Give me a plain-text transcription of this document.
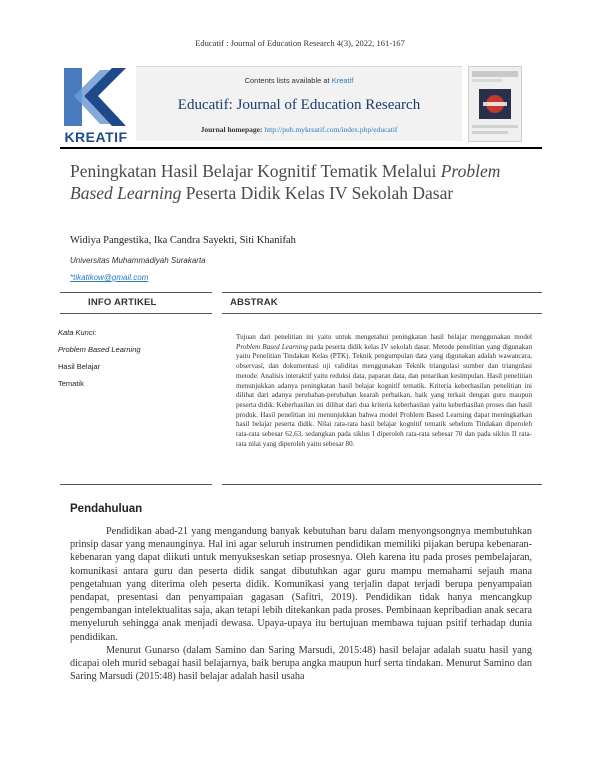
Educatif : Journal of Education Research 4(3), 2022, 161-167
KREATIF
Contents lists available at Kreatif
Educatif: Journal of Education Research
Journal homepage: http://pub.mykreatif.com/index.php/educatif
Peningkatan Hasil Belajar Kognitif Tematik Melalui Problem Based Learning Peserta Didik Kelas IV Sekolah Dasar
Widiya Pangestika, Ika Candra Sayekti, Siti Khanifah
Universitas Muhammadiyah Surakarta
*tikatikow@gmail.com
INFO ARTIKEL	ABSTRAK
Kata Kunci:
Problem Based Learning
Hasil Belajar
Tematik
Tujuan dari penelitian ini yaitu untuk mengetahui peningkatan hasil belajar menggunakan model Problem Based Learning pada peserta didik kelas IV sekolah dasar. Metode penelitian yang digunakan yaitu Penelitian Tindakan Kelas (PTK). Teknik pengumpulan data yang digunakan adalah wawancara, observasi, dan dokumentasi uji validitas menggunakan Teknik triangulasi sumber dan triangulasi metode. Analisis interaktif yaitu reduksi data, paparan data, dan penarikan kesimpulan. Hasil penelitian menunjukkan adanya peningkatan hasil belajar kognitif tematik. Kriteria keberhasilan penelitian ini dilihat dari adanya perubahan-perubahan kearah perbaikan, baik yang terkait dengan guru maupun peserta didik. Keberhasilan ini dilihat dari dua kriteria keberhasilan yaitu keberhasilan proses dan hasil produk. Hasil penelitian ini menunjukkan bahwa model Problem Based Learning dapat meningkatkan hasil belajar peserta didik. Nilai rata-rata hasil belajar kognitif tematik sebelum Tindakan diperoleh rata-rata sebesar 62,63, sedangkan pada siklus I diperoleh rata-rata sebesar 70 dan pada siklus II rata-rata nilai yang diperoleh yaitu sebesar 80.
Pendahuluan

Pendidikan abad-21 yang mengandung banyak kebutuhan baru dalam menyongsongnya membutuhkan prinsip dasar yang menaunginya. Hal ini agar seluruh instrumen pendidikan memiliki pijakan berupa kebenaran-kebenaran yang dapat diikuti untuk menyukseskan setiap prosesnya. Oleh karena itu pada proses pembelajaran, komunikasi antara guru dan peserta didik sangat dibutuhkan agar guru mampu memahami sejauh mana pengetahuan yang diterima oleh peserta didik. Komunikasi yang terjalin dapat terjadi berupa penyampaian pendapat, presentasi dan penyampaian gagasan (Safitri, 2019). Pendidikan tidak hanya mencangkup pengembangan intelektualitas saja, akan tetapi lebih ditekankan pada proses. Pembinaan kepribadian anak secara menyeluruh sehingga anak menjadi dewasa. Upaya-upaya itu bertujuan membawa tujuan psitif terhadap dunia pendidikan.

Menurut Gunarso (dalam Samino dan Saring Marsudi, 2015:48) hasil belajar adalah suatu hasil yang dicapai oleh murid sebagai hasil belajarnya, baik berupa angka maupun hurf serta tindakan. Menurut Samino dan Saring Marsudi (2015:48) hasil belajar adalah hasil usaha
